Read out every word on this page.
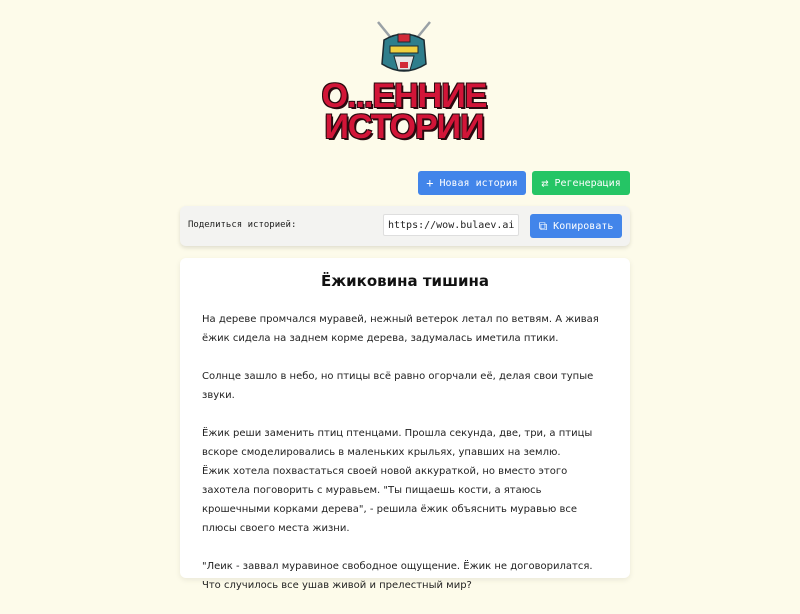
О...ЕННИЕ
ИСТОРИИ
+ Новая история ⇄ Регенерация
Поделиться историей:
https://wow.bulaev.ai/s	⧉ Копировать
Ёжиковина тишина

На дереве промчался муравей, нежный ветерок летал по ветвям. А живая ёжик сидела на заднем корме дерева, задумалась иметила птики.

Солнце зашло в небо, но птицы всё равно огорчали её, делая свои тупые звуки.

Ёжик реши заменить птиц птенцами. Прошла секунда, две, три, а птицы вскоре смоделировались в маленьких крыльях, упавших на землю.

Ёжик хотела похвастаться своей новой аккураткой, но вместо этого захотела поговорить с муравьем. "Ты пищаешь кости, а ятаюсь крошечными корками дерева", - решила ёжик объяснить муравью все плюсы своего места жизни.

"Леик - заввал муравиное свободное ощущение. Ёжик не договорилатся. Что случилось все ушав живой и прелестный мир?
